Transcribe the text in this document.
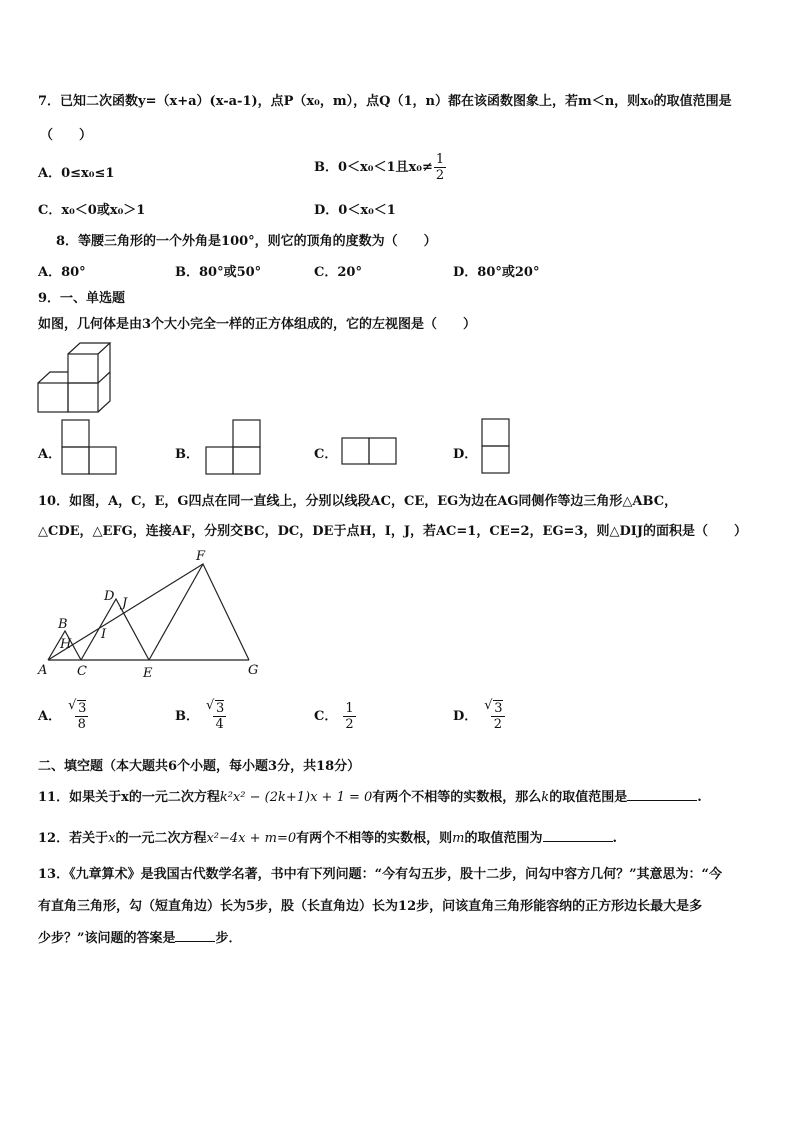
7．已知二次函数y=（x+a）(x-a-1)，点P（x₀，m），点Q（1，n）都在该函数图象上，若m＜n，则x₀的取值范围是
（　　）
A．0≤x₀≤1	B．0＜x₀＜1且$x_0\ne \frac{1}{2}$
C．x₀＜0或x₀＞1	D．0＜x₀＜1
8．等腰三角形的一个外角是100°，则它的顶角的度数为（　　）
A．80°	B．80°或50°	C．20°	D．80°或20°
9．一、单选题
如图，几何体是由3个大小完全一样的正方体组成的，它的左视图是（　　）
A．	B．	C．	D．
10．如图，A，C，E，G四点在同一直线上，分别以线段AC，CE，EG为边在AG同侧作等边三角形△ABC，
△CDE，△EFG，连接AF，分别交BC，DC，DE于点H，I，J，若AC=1，CE=2，EG=3，则△DIJ的面积是（　　）
A
B
C
D
E
F
G
H
I
J
A． √ $\frac{3}{8}$	B． √ $\frac{3}{4}$	C． $\frac{1}{2}$	D． √ $\frac{3}{2}$
二、填空题（本大题共6个小题，每小题3分，共18分）
11．如果关于x的一元二次方程k²x² − (2k+1)x + 1 = 0有两个不相等的实数根，那么k的取值范围是	.
12．若关于x的一元二次方程x²−4x + m=0有两个不相等的实数根，则m的取值范围为	.
13．《九章算术》是我国古代数学名著，书中有下列问题：“今有勾五步，股十二步，问勾中容方几何？”其意思为：“今
有直角三角形，勾（短直角边）长为5步，股（长直角边）长为12步，问该直角三角形能容纳的正方形边长最大是多
少步？”该问题的答案是	步．
